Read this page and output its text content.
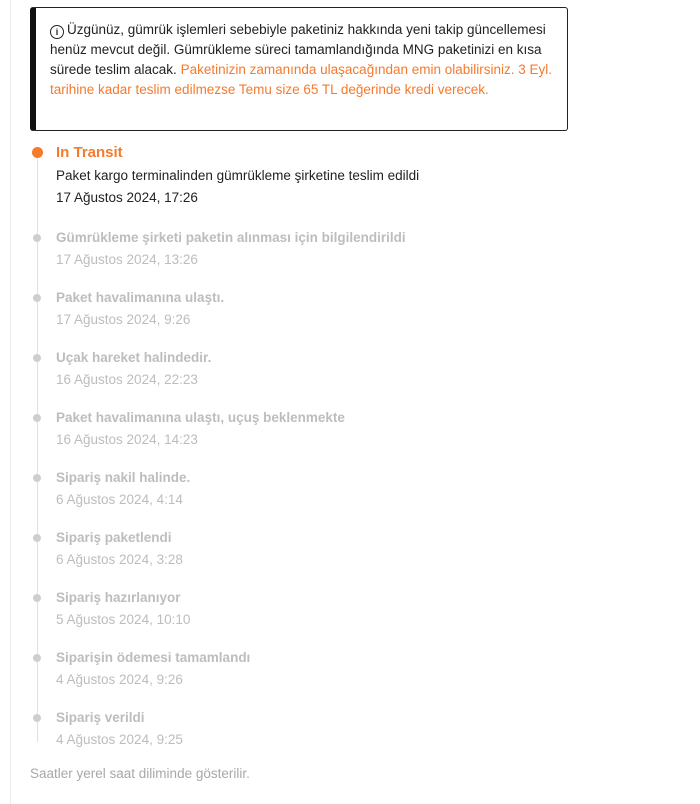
i Üzgünüz, gümrük işlemleri sebebiyle paketiniz hakkında yeni takip güncellemesi henüz mevcut değil. Gümrükleme süreci tamamlandığında MNG paketinizi en kısa sürede teslim alacak. Paketinizin zamanında ulaşacağından emin olabilirsiniz. 3 Eyl. tarihine kadar teslim edilmezse Temu size 65 TL değerinde kredi verecek.
In Transit
Paket kargo terminalinden gümrükleme şirketine teslim edildi
17 Ağustos 2024, 17:26
Gümrükleme şirketi paketin alınması için bilgilendirildi
17 Ağustos 2024, 13:26
Paket havalimanına ulaştı.
17 Ağustos 2024, 9:26
Uçak hareket halindedir.
16 Ağustos 2024, 22:23
Paket havalimanına ulaştı, uçuş beklenmekte
16 Ağustos 2024, 14:23
Sipariş nakil halinde.
6 Ağustos 2024, 4:14
Sipariş paketlendi
6 Ağustos 2024, 3:28
Sipariş hazırlanıyor
5 Ağustos 2024, 10:10
Siparişin ödemesi tamamlandı
4 Ağustos 2024, 9:26
Sipariş verildi
4 Ağustos 2024, 9:25
Saatler yerel saat diliminde gösterilir.
